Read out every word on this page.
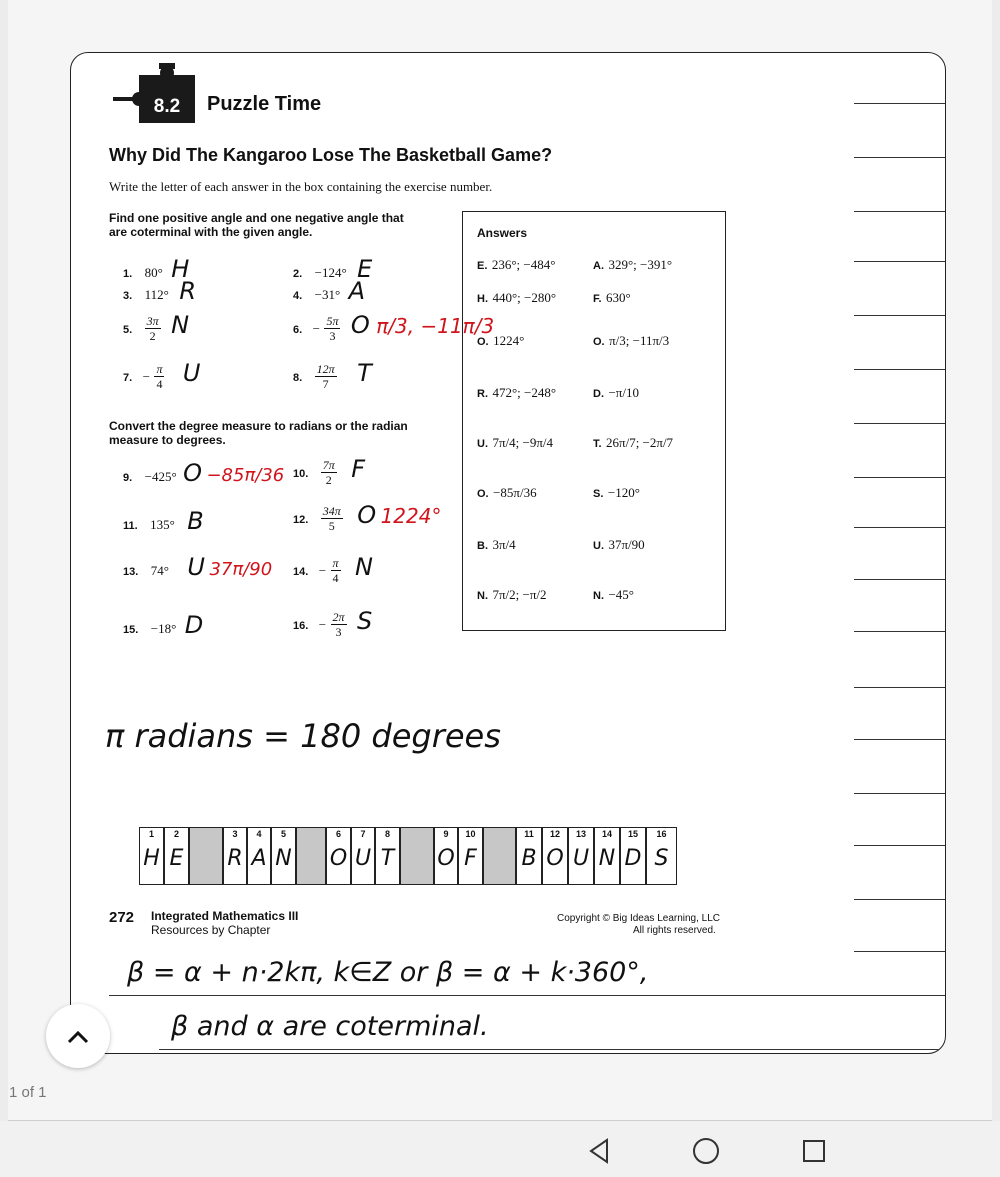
8.2	Puzzle Time
Why Did The Kangaroo Lose The Basketball Game?
Write the letter of each answer in the box containing the exercise number.
Find one positive angle and one negative angle that
are coterminal with the given angle.
1. 80° H
3. 112° R
5. $\frac{3\pi}{2}$ N
7. − $\frac{\pi}{4}$ U
2. −124° E
4. −31° A
6. − $\frac{5\pi}{3}$ O π/3, −11π/3
8. $\frac{12\pi}{7}$ T
Convert the degree measure to radians or the radian
measure to degrees.
9. −425° O −85π/36
11. 135° B
13. 74° U 37π/90
15. −18° D
10. $\frac{7\pi}{2}$ F
12. $\frac{34\pi}{5}$ O 1224°
14. − $\frac{\pi}{4}$ N
16. − $\frac{2\pi}{3}$ S
Answers
E. 236°; −484°	A. 329°; −391°
H. 440°; −280°	F. 630°
O. 1224°	O. π/3; −11π/3
R. 472°; −248°	D. −π/10
U. 7π/4; −9π/4	T. 26π/7; −2π/7
O. −85π/36	S. −120°
B. 3π/4	U. 37π/90
N. 7π/2; −π/2	N. −45°
π radians = 180 degrees
1
H
2
E
3
R
4
A
5
N
6
O
7
U
8
T
9
O
10
F
11
B
12
O
13
U
14
N
15
D
16
S
272 Integrated Mathematics III
Resources by Chapter
Copyright © Big Ideas Learning, LLC
All rights reserved.
β = α + n·2kπ, k∈Z or β = α + k·360°,
β and α are coterminal.
1 of 1
